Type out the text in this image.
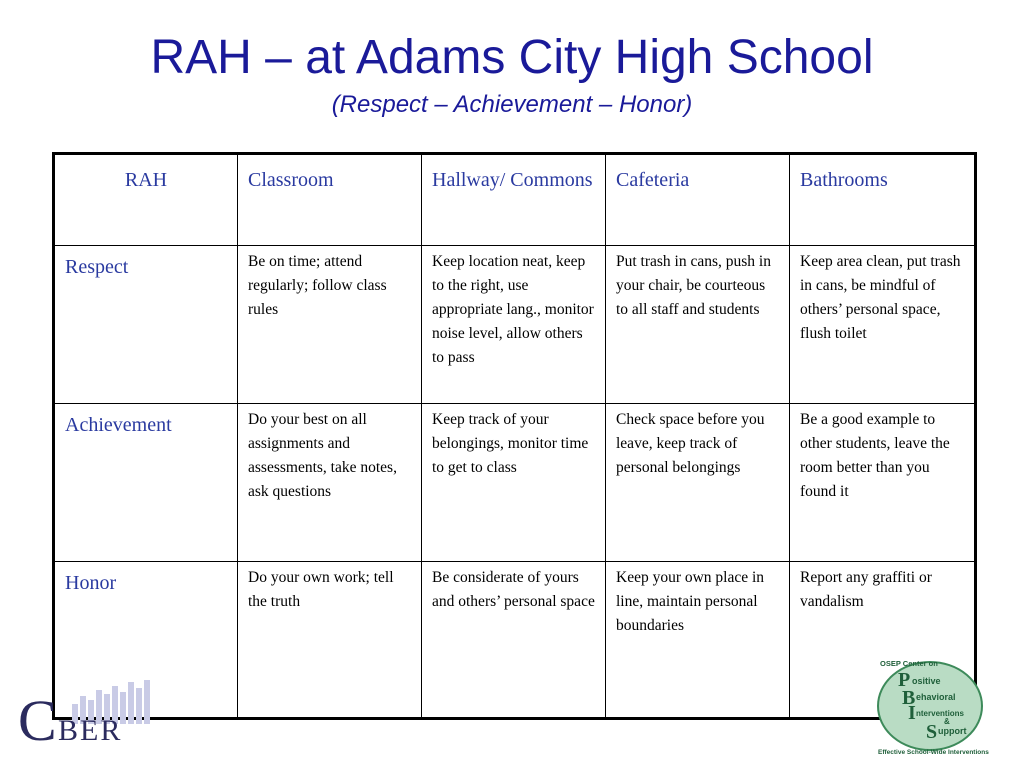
RAH – at Adams City High School
(Respect – Achievement – Honor)
RAH	Classroom	Hallway/ Commons	Cafeteria	Bathrooms
Respect	Be on time; attend regularly; follow class rules	Keep location neat, keep to the right, use appropriate lang., monitor noise level, allow others to pass	Put trash in cans, push in your chair, be courteous to all staff and students	Keep area clean, put trash in cans, be mindful of others’ personal space, flush toilet
Achievement	Do your best on all assignments and assessments, take notes, ask questions	Keep track of your belongings, monitor time to get to class	Check space before you leave, keep track of personal belongings	Be a good example to other students, leave the room better than you found it
Honor	Do your own work; tell the truth	Be considerate of yours and others’ personal space	Keep your own place in line, maintain personal boundaries	Report any graffiti or vandalism
C BER
OSEP Center on
P ositive
B ehavioral
I nterventions
&
S upport
Effective School-Wide Interventions
